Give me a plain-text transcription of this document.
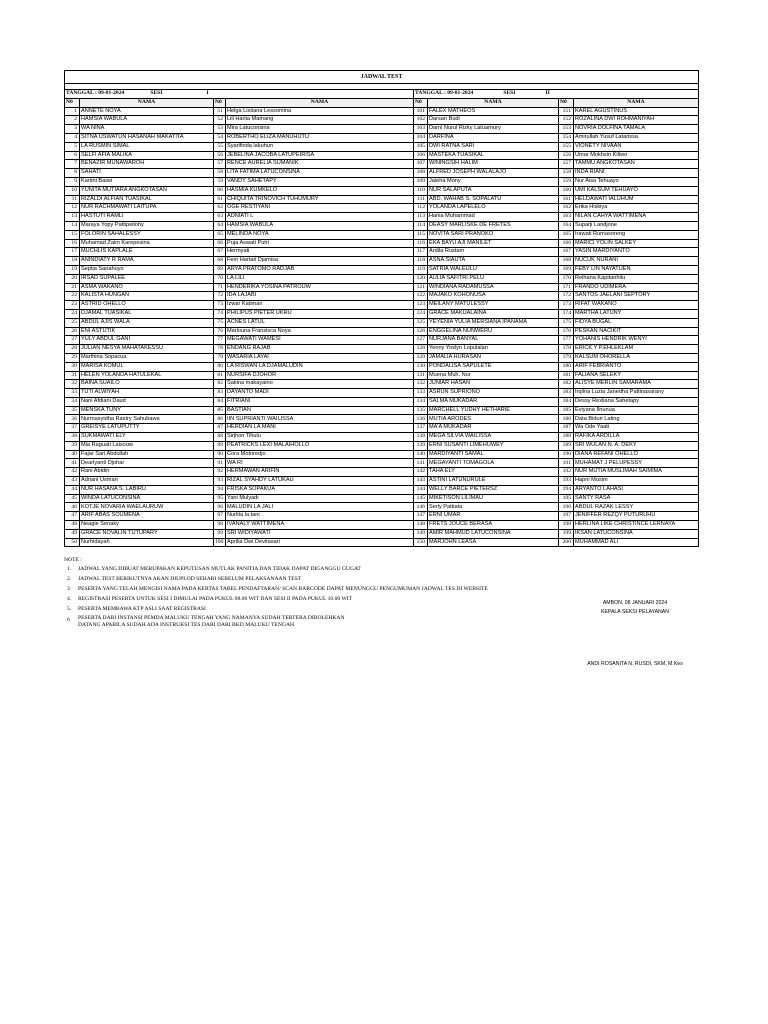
JADWAL TEST							

TANGGAL : 09-01-2024 SESI I				TANGGAL : 09-01-2024 SESI II			
N0	NAMA	N0	NAMA	N0	NAMA	N0	NAMA
1	ANNETE NOYA	51	Helga Listiana Lessomina	101	FALEX MATHEOS	151	KAREL AGUSTINUS
2	HAMSIA WABULA	52	Lili Harlia Mamang	102	Darsan Budi	152	ROZALINA DWI ROHMANIYAH
3	WA NINA	53	Mira Latuconsina	103	Darni Nurul Rizky Latuarnury	153	NOVRIA DOLFINA TAMALA
4	SITNA USWATUN HASANAH MAKATITA	54	ROBERTHO ELIZA MANUHUTU	104	DARFINA	154	Amirullah Yusuf Latarissa
5	LA RUSMIN SIMAL	55	Syarifinda lakuhun	105	DWI RATNA SARI	155	VIONETY NIVAAN
6	SELFI AFIA MALIKA	56	JEBELINA JACOBA LATUPEIRISA	106	MASTEKA TUASIKAL	156	Umar Mokhsin Kiliwo
7	BENAZIR MUNAWAROH	57	RENCE AURELIA SUMANIK	107	WININGSIH HALIM	157	TAMMU ANGKOTASAN
8	SAHATI	58	LITA FATIMA LATUCONSINA	108	ALFRED JOSEPH WALALAJO	158	INDA RIANI
9	Kartini Basei	59	VANDY SAHETAPY	109	Jaleha Mony	159	Nur Aisa Tehuayo
10	YUNITA MUTIARA ANGKOTASAN	60	HASMIA KUMKELO	110	NUR SALAPUTA	160	UMI KALSUM TEHUAYO
11	RIZALDI ALFIAN TUASIKAL	61	CHIQUITA TRINOVICH TUHUMURY	111	ABD. WAHAB S. SOPALATU	161	HELDAWATI IALUHUM
12	NUR RACHMAWATI LAITUPA	62	OGE RESTIYANI	112	YOLANDA LAPELELO	162	Erika Hiskiya
13	HASTUTI RAMLI	63	ADNIATI L	113	Hania Muhammad	163	NILAN CAHYA WATTIMENA
14	Maraya Yopy Pattipeilohy	64	HAMSIA WABULA	114	DEASY MARLISKE DE FRETES	164	Suparji Landjone
15	FOLORIN SAHALESSY	65	MELINDA NOYA	115	NOVITA SARI PRANOKO	165	Irawati Rumasoreng
16	Muhamad Zaim Karepesina	66	Puja Aswati Putri	116	EKA BAYU AJI MANILET	166	MARICI YOLIN SALKEY
17	MUCHLIS KAPLALE	67	Hermyati	117	Ardila Rustam	167	YASIN MARDIYANTO
18	ANINDIATY R RAMA	68	Fem Hartati Djamisa	118	ASNA SIAUTA	168	NUCUK NURANI
19	Septia Sanahuyo	69	ARYA PRATOMO RADJAB	119	SATRIA WALEULU	169	FEBY LIN NAYATUEN
20	IRSAD SUPALEE	70	LA LILI	120	AULIA SAFITRI PELU	170	Reihana Kapitanhitu
21	ASMA WAKANO	71	HENDERIKA YOSINA PATROUW	121	WINDIANA RADAMUSSA	171	FRANDO UDIMERA
22	KALISTA HUNGAN	72	IDA LAJABI	122	MAJAKO KOHONUSA	172	SANTOS JAELANI SEPTORY
23	ASTRID OHELLO	73	Izwar Katiman	123	MEILANY MATULESSY	173	RIFAT WAKANO
24	DJAMAL TUASIKAL	74	PHILIPUS PIETER UKRU	124	GRACE MAKUALAINA	174	MARTHA LATUNY
25	ABDUL AJIS WALA	75	ACNES LATUL	125	YEYENIA YULIA MERSIANA IPANAMA	175	FIDYA BUGAL
26	ENI ASTUTIK	76	Marlouna Fransisca Noya	126	ENGGELINA NUNWERU	176	PESKAN NACIKIT
27	YULY ABDUL GANI	77	MEGAWATI WAMESI	127	NURJANA BANYAL	177	YOHANIS HENDRIK WENYI
28	JULIAN NESYA MAHATAKESSU	78	ENDANG RAJAB	128	Yenny Yoslyn Lopulalan	178	ERICK Y P.EHLEKLAM
29	Marthina Sopacua	79	WASARIA LAYAI	129	JAMALIA HURASAN	179	KALSUM OHORELLA
30	MARISA KOMUL	80	LA RISWAN LA DJAMALUDIN	130	PONDALISA SAPULETE	180	ARIF FEBRIANTO
31	HELEN YOLANDA HATULEKAL	81	NURSIFA DJOHOR	131	Muena Muh. Nur	181	FALIANA SELEKY
32	BAINA SUAILO	82	Sakina makayaino	132	JUNIAR HASAN	182	ALISYE MERLIN SAMARAMA
33	TUTI ALWIYAH	83	DAYANTO MADI	133	ASRUN SUPRIONO	183	Irqilna Luzia Janedha Pattinasarany
34	Nani Afdiani Daud	84	FITRIANI	134	SALMA MUKADAR	184	Dessy Rexliana Sahetapy
35	MENSKA TUNY	85	BASTIAN	135	MARCHELL YUDHY HETHARIE	185	Eviyana Ilnunua
36	Nurmasyidha Rastry Sahubawa	86	IIN SUPRIANTI WAILISSA	136	MUTIA ARODES	186	Data Biduri Lating
37	GREISYE LATUPUTTY	87	HERDIAN LA MANI	137	MA'A MUKADAR	187	Wa Ode Yaati
38	SUKMAWATI ELY	88	Sirjhon Tihulu	138	MEGA SILVIA WAILISSA	188	RAFIKA ARDILLA
39	Mia Raguati Laisouw	89	PEATRICKS LEXI MALAIHOLLO	139	ERNI SUSANTI LIMEHUWEY	189	SRI WULAN N. A. DEKY
40	Fajar Sari Abdullah	90	Cora Motoredjo	140	MARDIYANTI SAMAL	190	DIANA REFANI OHELLO
41	Dearlyanti Djohar	91	WA RI	141	MEGAYANTI TOMAGOLA	191	MUHAMAT J PELUPESSY
42	Rani Abidin	92	HERMAWAN ARIFIN	142	TAHA ELY	192	NUR MUTIA MUSLIMAH SAIMIMA
43	Adriani Usman	93	RIZAL SYAHDY LATUKAU	143	ASTINI LATUNURULE	193	Hapni Musim
44	NUR HASANA S. LABIRU	94	FRISKA SOPAKUA	144	WELLY BARCE PIETERSZ	194	ARYANTO LAHASI
45	WINDA LATUCONSINA	95	Yani Mulyadi	145	MIKETISON LILIMAU	195	SANTY RASA
46	KOTJE NOVARIA WAELAURUW	96	MALUDIN LA JALI	146	Serly Pattiata	196	ABDUL RAZAK LESSY
47	ARIF ABAS SOUMENA	97	Nurlita la tani	147	ERNI UMAR	197	JENIFFER REZQY PUTURUHU
48	Neagie Senaky	98	IVANALY WATTIMENA	148	FRETS JOUCE BERASA	198	HERLINA LIKE CHRISTINCE LERNAYA
49	GRACE NOVALIN TUTUPARY	99	SRI WIDIYAWATI	149	AMIR MAHMUD LATUCONSINA	199	IKSAN LATUCONSINA
50	Nurhidayah	100	Aprilia Dwi Devitasari	150	MARJOHN LEASA	200	MUHAMMAD ALI
NOTE :
1. JADWAL YANG DIBUAT MERUPAKAN KEPUTUSAN MUTLAK PANITIA DAN TIDAK DAPAT DIGANGGU GUGAT
2. JADWAL TEST BERIKUTNYA AKAN DIUPLOD SEHARI SEBELUM PELAKSANAAN TEST
3 PESERTA YANG TELAH MENGISI NAMA PADA KERTAS TABEL PENDAFTARAN/ SCAN BARCODE DAPAT MENUNGGU PENGUMUMAN JADWAL TES DI WEBSITE
4. REGISTRASI PESERTA UNTUK SESI I DIMULAI PADA PUKUL 08.00 WIT DAN SESI II PADA PUKUL 10.00 WIT
5. PESERTA MEMBAWA KTP ASLI SAAT REGISTRASI
6 PESERTA DARI INSTANSI PEMDA MALUKU TENGAH YANG NAMANYA SUDAH TERTERA DIBOLEHKAN
DATANG APABILA SUDAH ADA INSTRUKSI TES DARI DARI BKD MALUKU TENGAH
AMBON, 08 JANUARI 2024
KEPALA SEKSI PELAYANAN
ANDI ROSANITA N. RUSDI, SKM, M.Kes
